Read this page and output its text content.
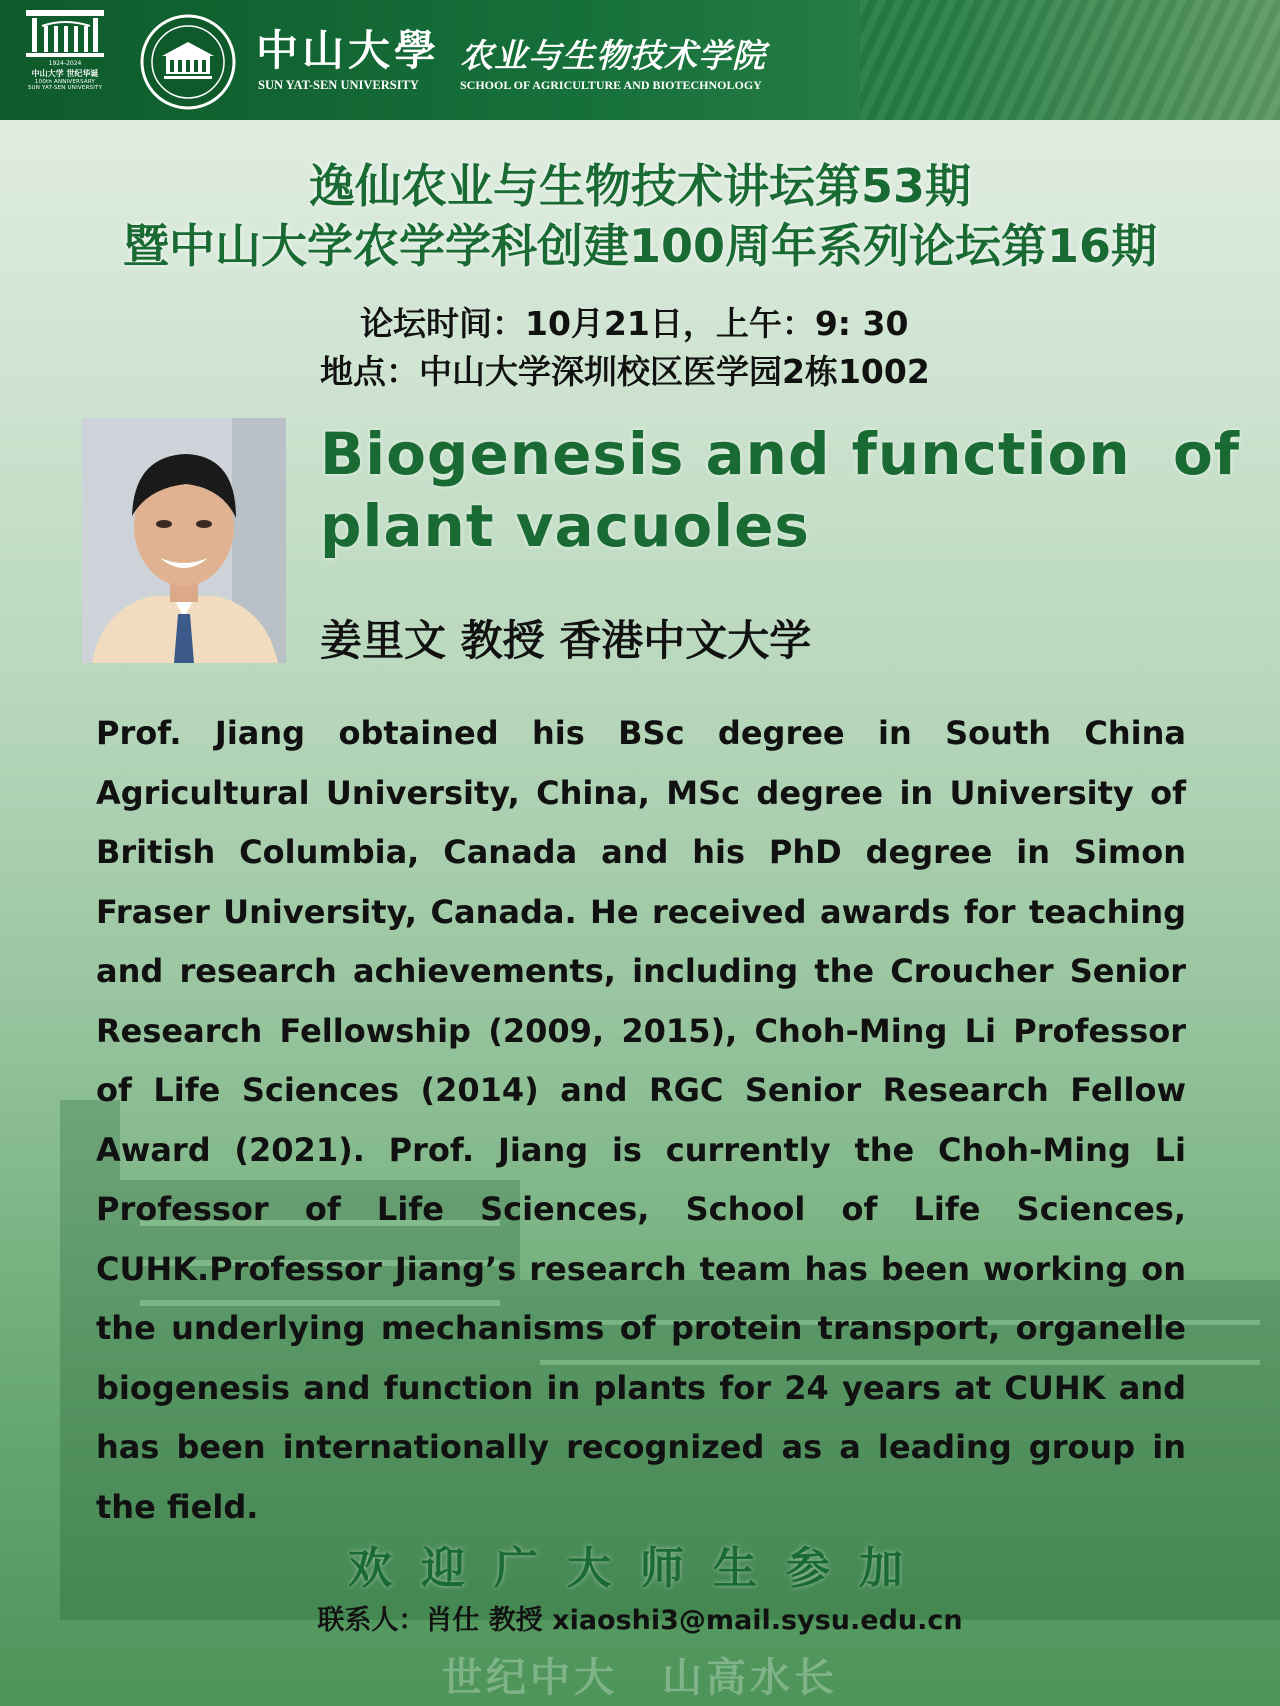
1924-2024
中山大学 世纪华诞
100th ANNIVERSARY
SUN YAT-SEN UNIVERSITY
中山大學 农业与生物技术学院
SUN YAT-SEN UNIVERSITY	SCHOOL OF AGRICULTURE AND BIOTECHNOLOGY
逸仙农业与生物技术讲坛第53期
暨中山大学农学学科创建100周年系列论坛第16期
论坛时间：10月21日，上午：9: 30
地点：中山大学深圳校区医学园2栋1002
Biogenesis and function  of
plant vacuoles
姜里文 教授 香港中文大学

Prof. Jiang obtained his BSc degree in South China Agricultural University, China, MSc degree in University of British Columbia, Canada and his PhD degree in Simon Fraser University, Canada. He received awards for teaching and research achievements, including the Croucher Senior Research Fellowship (2009, 2015), Choh-Ming Li Professor of Life Sciences (2014) and RGC Senior Research Fellow Award (2021). Prof. Jiang is currently the Choh-Ming Li Professor of Life Sciences, School of Life Sciences, CUHK.Professor Jiang’s research team has been working on the underlying mechanisms of protein transport, organelle biogenesis and function in plants for 24 years at CUHK and has been internationally recognized as a leading group in the field.

欢迎广大师生参加
联系人：肖仕 教授 xiaoshi3@mail.sysu.edu.cn
世纪中大　山高水长
